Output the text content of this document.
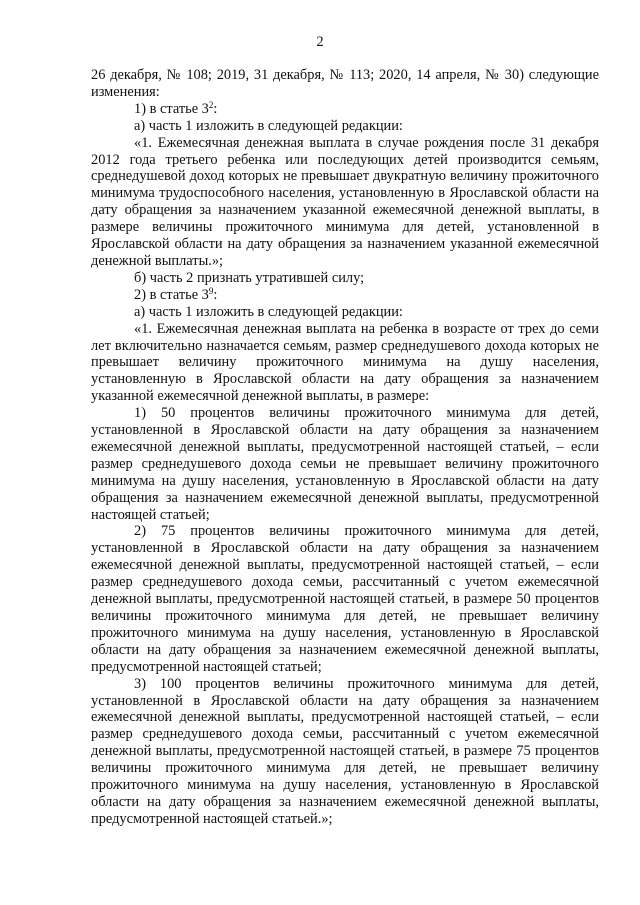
2

26 декабря, № 108; 2019, 31 декабря, № 113; 2020, 14 апреля, № 30) следующие изменения:

1) в статье $3^2$:

а) часть 1 изложить в следующей редакции:

«1. Ежемесячная денежная выплата в случае рождения после 31 декабря 2012 года третьего ребенка или последующих детей производится семьям, среднедушевой доход которых не превышает двукратную величину прожиточного минимума трудоспособного населения, установленную в Ярославской области на дату обращения за назначением указанной ежемесячной денежной выплаты, в размере величины прожиточного минимума для детей, установленной в Ярославской области на дату обращения за назначением указанной ежемесячной денежной выплаты.»;

б) часть 2 признать утратившей силу;

2) в статье $3^9$:

а) часть 1 изложить в следующей редакции:

«1. Ежемесячная денежная выплата на ребенка в возрасте от трех до семи лет включительно назначается семьям, размер среднедушевого дохода которых не превышает величину прожиточного минимума на душу населения, установленную в Ярославской области на дату обращения за назначением указанной ежемесячной денежной выплаты, в размере:

1) 50 процентов величины прожиточного минимума для детей, установленной в Ярославской области на дату обращения за назначением ежемесячной денежной выплаты, предусмотренной настоящей статьей, – если размер среднедушевого дохода семьи не превышает величину прожиточного минимума на душу населения, установленную в Ярославской области на дату обращения за назначением ежемесячной денежной выплаты, предусмотренной настоящей статьей;

2) 75 процентов величины прожиточного минимума для детей, установленной в Ярославской области на дату обращения за назначением ежемесячной денежной выплаты, предусмотренной настоящей статьей, – если размер среднедушевого дохода семьи, рассчитанный с учетом ежемесячной денежной выплаты, предусмотренной настоящей статьей, в размере 50 процентов величины прожиточного минимума для детей, не превышает величину прожиточного минимума на душу населения, установленную в Ярославской области на дату обращения за назначением ежемесячной денежной выплаты, предусмотренной настоящей статьей;

3) 100 процентов величины прожиточного минимума для детей, установленной в Ярославской области на дату обращения за назначением ежемесячной денежной выплаты, предусмотренной настоящей статьей, – если размер среднедушевого дохода семьи, рассчитанный с учетом ежемесячной денежной выплаты, предусмотренной настоящей статьей, в размере 75 процентов величины прожиточного минимума для детей, не превышает величину прожиточного минимума на душу населения, установленную в Ярославской области на дату обращения за назначением ежемесячной денежной выплаты, предусмотренной настоящей статьей.»;
